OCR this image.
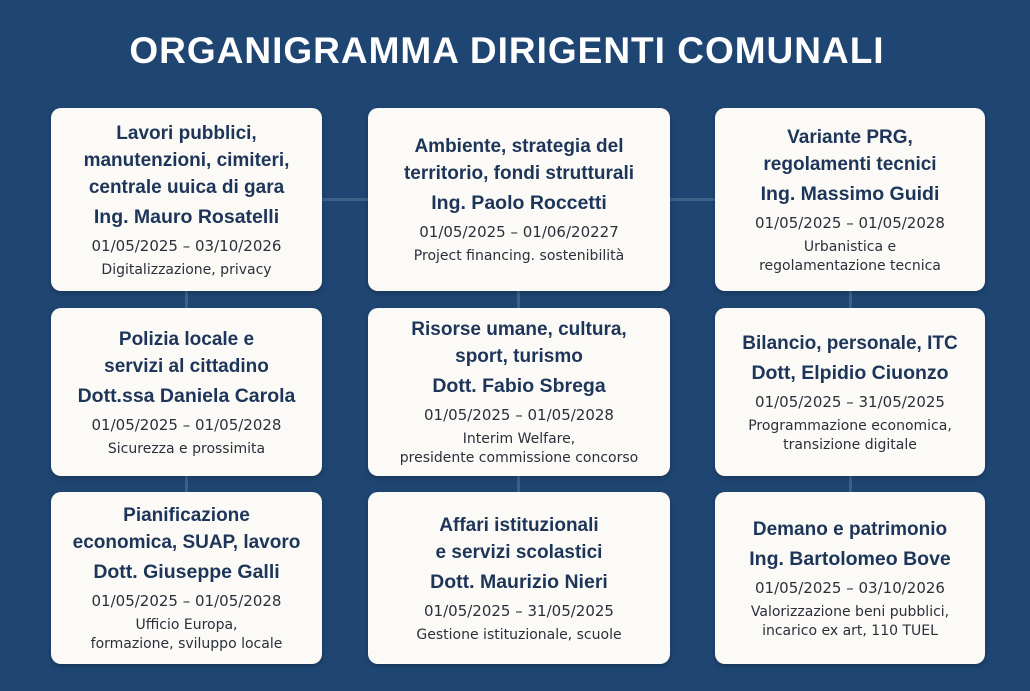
ORGANIGRAMMA DIRIGENTI COMUNALI
Lavori pubblici,
manutenzioni, cimiteri,
centrale uuica di gara
Ing. Mauro Rosatelli
01/05/2025 – 03/10/2026
Digitalizzazione, privacy
Ambiente, strategia del
territorio, fondi strutturali
Ing. Paolo Roccetti
01/05/2025 – 01/06/20227
Project financing. sostenibilità
Variante PRG,
regolamenti tecnici
Ing. Massimo Guidi
01/05/2025 – 01/05/2028
Urbanistica e
regolamentazione tecnica
Polizia locale e
servizi al cittadino
Dott.ssa Daniela Carola
01/05/2025 – 01/05/2028
Sicurezza e prossimita
Risorse umane, cultura,
sport, turismo
Dott. Fabio Sbrega
01/05/2025 – 01/05/2028
Interim Welfare,
presidente commissione concorso
Bilancio, personale, ITC
Dott, Elpidio Ciuonzo
01/05/2025 – 31/05/2025
Programmazione economica,
transizione digitale
Pianificazione
economica, SUAP, lavoro
Dott. Giuseppe Galli
01/05/2025 – 01/05/2028
Ufficio Europa,
formazione, sviluppo locale
Affari istituzionali
e servizi scolastici
Dott. Maurizio Nieri
01/05/2025 – 31/05/2025
Gestione istituzionale, scuole
Demano e patrimonio
Ing. Bartolomeo Bove
01/05/2025 – 03/10/2026
Valorizzazione beni pubblici,
incarico ex art, 110 TUEL
